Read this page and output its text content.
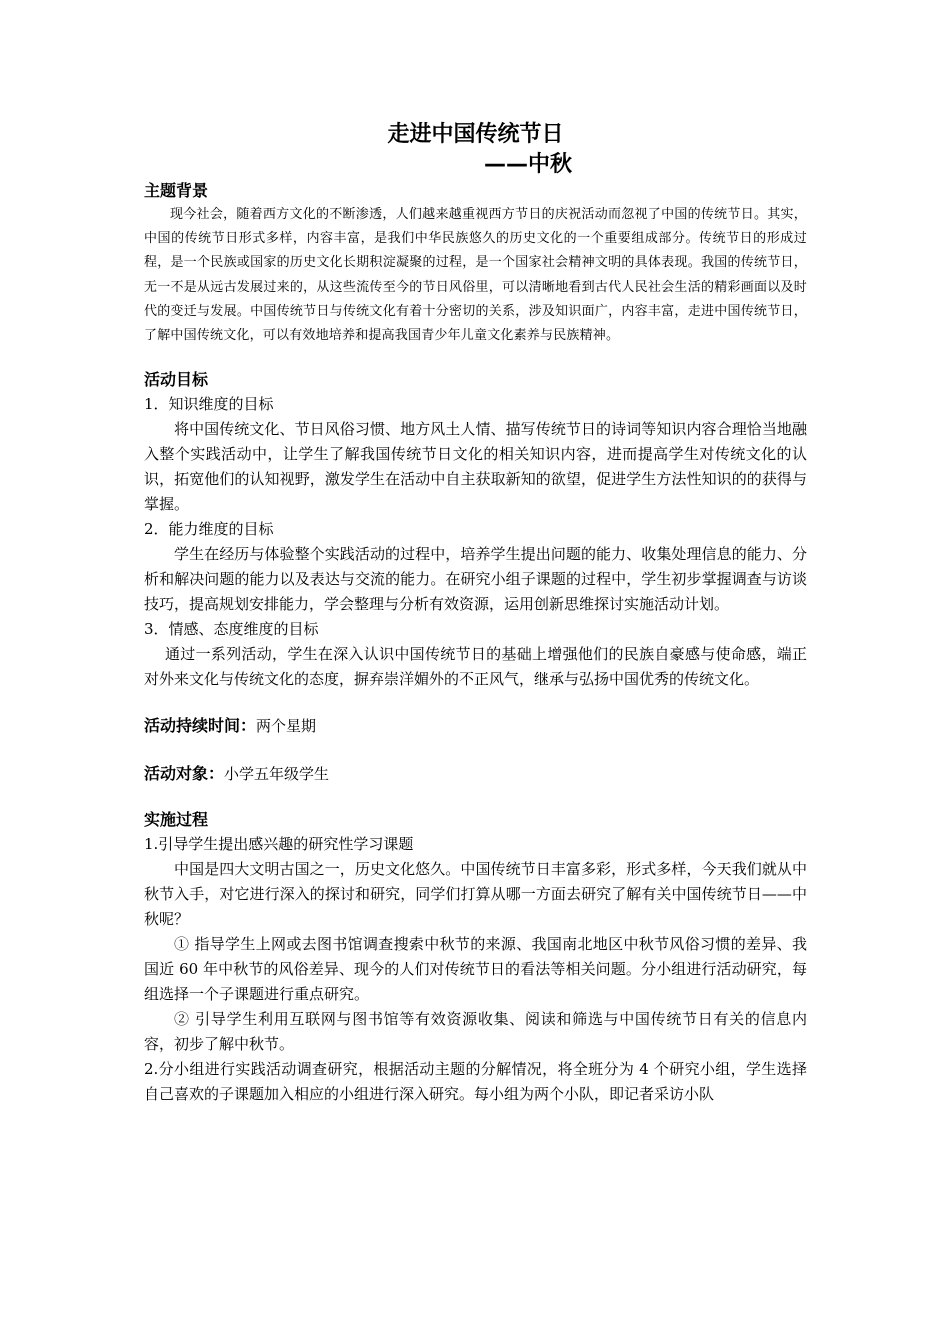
走进中国传统节日

——中秋

主题背景

现今社会，随着西方文化的不断渗透，人们越来越重视西方节日的庆祝活动而忽视了中国的传统节日。其实，中国的传统节日形式多样，内容丰富，是我们中华民族悠久的历史文化的一个重要组成部分。传统节日的形成过程，是一个民族或国家的历史文化长期积淀凝聚的过程，是一个国家社会精神文明的具体表现。我国的传统节日，无一不是从远古发展过来的，从这些流传至今的节日风俗里，可以清晰地看到古代人民社会生活的精彩画面以及时代的变迁与发展。中国传统节日与传统文化有着十分密切的关系，涉及知识面广，内容丰富，走进中国传统节日，了解中国传统文化，可以有效地培养和提高我国青少年儿童文化素养与民族精神。

活动目标

1．知识维度的目标

将中国传统文化、节日风俗习惯、地方风土人情、描写传统节日的诗词等知识内容合理恰当地融入整个实践活动中，让学生了解我国传统节日文化的相关知识内容，进而提高学生对传统文化的认识，拓宽他们的认知视野，激发学生在活动中自主获取新知的欲望，促进学生方法性知识的的获得与掌握。

2．能力维度的目标

学生在经历与体验整个实践活动的过程中，培养学生提出问题的能力、收集处理信息的能力、分析和解决问题的能力以及表达与交流的能力。在研究小组子课题的过程中，学生初步掌握调查与访谈技巧，提高规划安排能力，学会整理与分析有效资源，运用创新思维探讨实施活动计划。

3．情感、态度维度的目标

通过一系列活动，学生在深入认识中国传统节日的基础上增强他们的民族自豪感与使命感，端正对外来文化与传统文化的态度，摒弃崇洋媚外的不正风气，继承与弘扬中国优秀的传统文化。

活动持续时间：两个星期

活动对象：小学五年级学生

实施过程

1.引导学生提出感兴趣的研究性学习课题

中国是四大文明古国之一，历史文化悠久。中国传统节日丰富多彩，形式多样，今天我们就从中秋节入手，对它进行深入的探讨和研究，同学们打算从哪一方面去研究了解有关中国传统节日——中秋呢？

① 指导学生上网或去图书馆调查搜索中秋节的来源、我国南北地区中秋节风俗习惯的差异、我国近 60 年中秋节的风俗差异、现今的人们对传统节日的看法等相关问题。分小组进行活动研究，每组选择一个子课题进行重点研究。

② 引导学生利用互联网与图书馆等有效资源收集、阅读和筛选与中国传统节日有关的信息内容，初步了解中秋节。

2.分小组进行实践活动调查研究，根据活动主题的分解情况，将全班分为 4 个研究小组，学生选择自己喜欢的子课题加入相应的小组进行深入研究。每小组为两个小队，即记者采访小队
